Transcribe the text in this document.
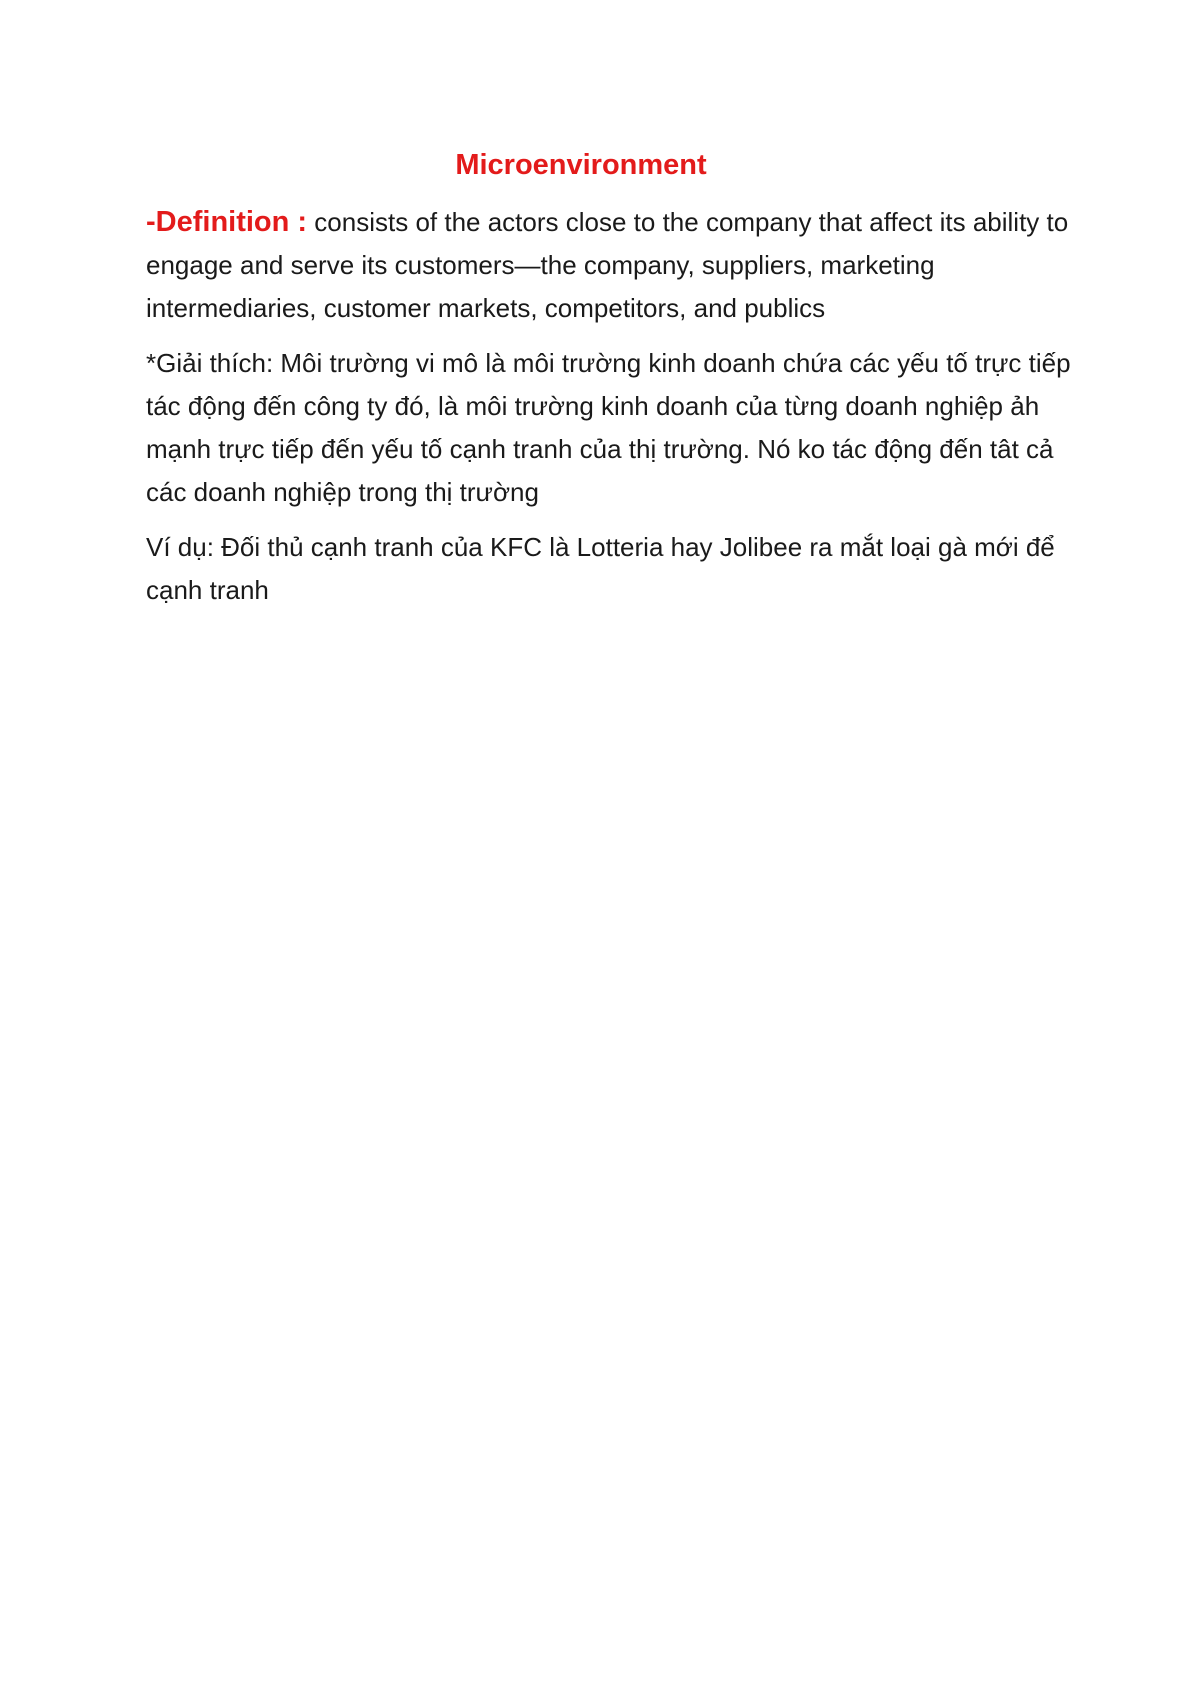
Microenvironment

-Definition : consists of the actors close to the company that affect its ability to engage and serve its customers—the company, suppliers, marketing intermediaries, customer markets, competitors, and publics

*Giải thích: Môi trường vi mô là môi trường kinh doanh chứa các yếu tố trực tiếp tác động đến công ty đó, là môi trường kinh doanh của từng doanh nghiệp ảh mạnh trực tiếp đến yếu tố cạnh tranh của thị trường. Nó ko tác động đến tât cả các doanh nghiệp trong thị trường

Ví dụ: Đối thủ cạnh tranh của KFC là Lotteria hay Jolibee ra mắt loại gà mới để cạnh tranh
